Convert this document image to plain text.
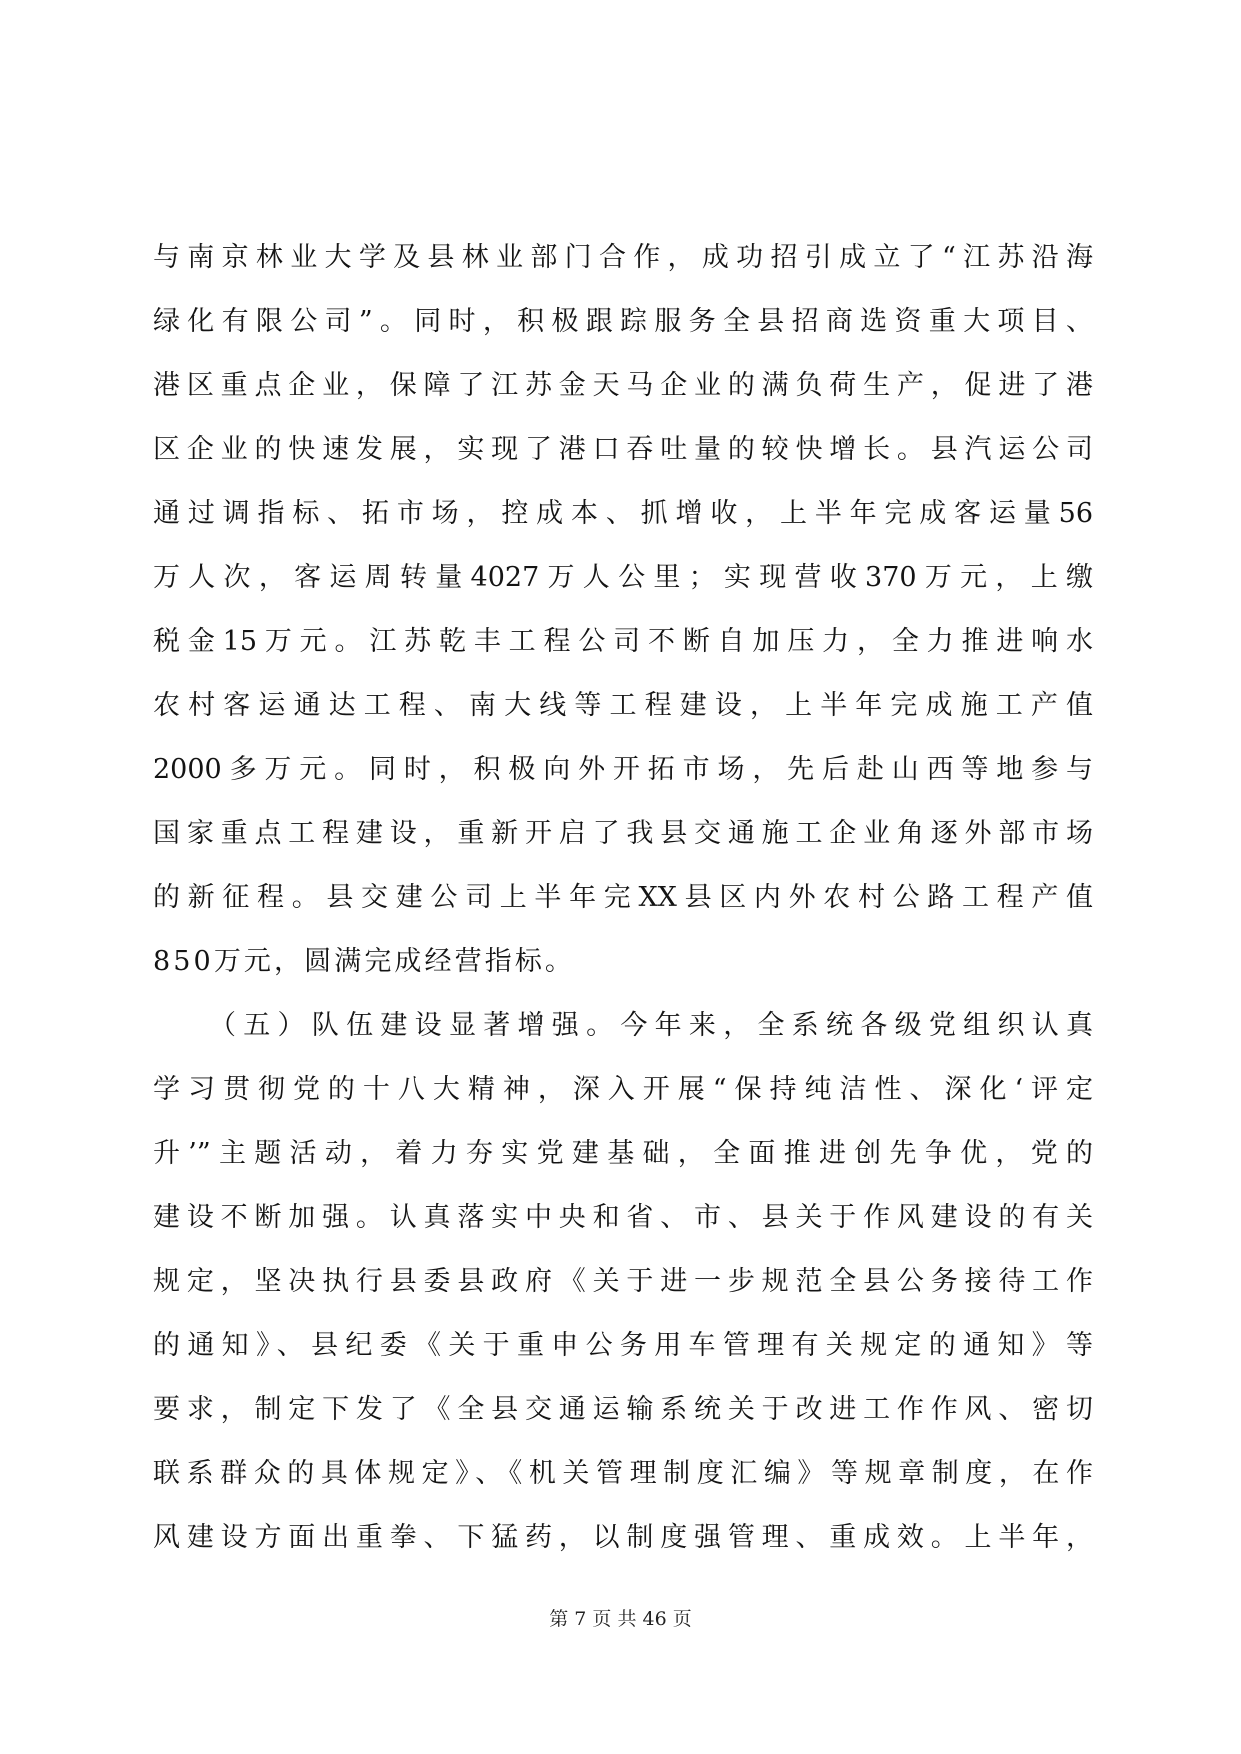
与南京林业大学及县林业部门合作，成功招引成立了“江苏沿海
绿化有限公司”。同时，积极跟踪服务全县招商选资重大项目、
港区重点企业，保障了江苏金天马企业的满负荷生产，促进了港
区企业的快速发展，实现了港口吞吐量的较快增长。县汽运公司
通过调指标、拓市场，控成本、抓增收，上半年完成客运量56
万人次，客运周转量4027万人公里；实现营收370万元，上缴
税金15万元。江苏乾丰工程公司不断自加压力，全力推进响水
农村客运通达工程、南大线等工程建设，上半年完成施工产值
2000多万元。同时，积极向外开拓市场，先后赴山西等地参与
国家重点工程建设，重新开启了我县交通施工企业角逐外部市场
的新征程。县交建公司上半年完XX县区内外农村公路工程产值
850万元，圆满完成经营指标。
（五）队伍建设显著增强。今年来，全系统各级党组织认真
学习贯彻党的十八大精神，深入开展“保持纯洁性、深化‘评定
升’”主题活动，着力夯实党建基础，全面推进创先争优，党的
建设不断加强。认真落实中央和省、市、县关于作风建设的有关
规定，坚决执行县委县政府《关于进一步规范全县公务接待工作
的通知》、县纪委《关于重申公务用车管理有关规定的通知》等
要求，制定下发了《全县交通运输系统关于改进工作作风、密切
联系群众的具体规定》、《机关管理制度汇编》等规章制度，在作
风建设方面出重拳、下猛药，以制度强管理、重成效。上半年，
第 7 页 共 46 页
